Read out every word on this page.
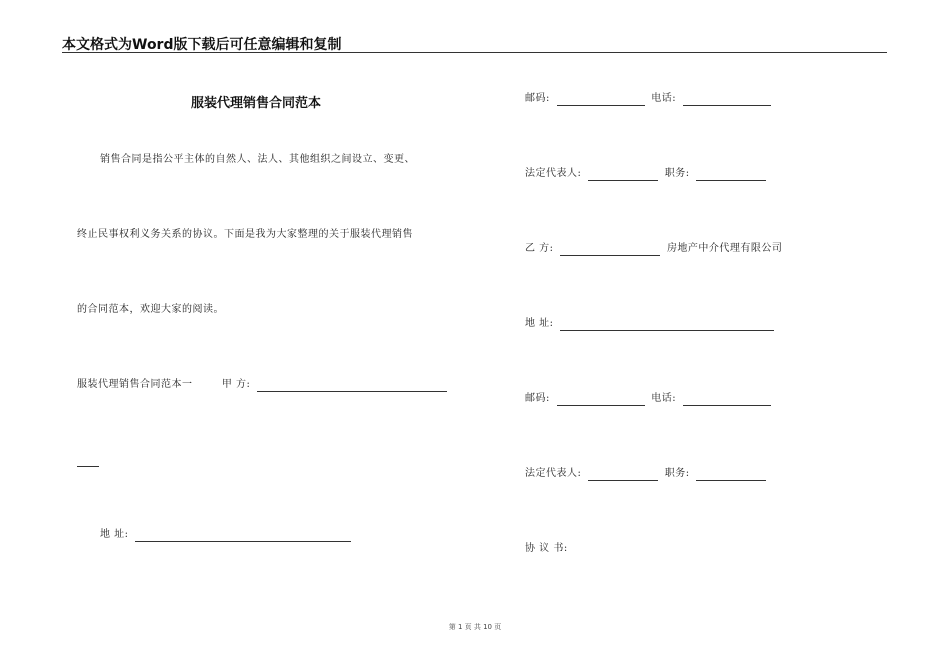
本文格式为Word版下载后可任意编辑和复制
服装代理销售合同范本
销售合同是指公平主体的自然人、法人、其他组织之间设立、变更、
终止民事权利义务关系的协议。下面是我为大家整理的关于服装代理销售
的合同范本，欢迎大家的阅读。
服装代理销售合同范本一	甲 方:
地 址:
邮码:	电话:
法定代表人:	职务:
乙 方:	房地产中介代理有限公司
地 址:
邮码:	电话:
法定代表人:	职务:
协 议 书:
第 1 页 共 10 页
